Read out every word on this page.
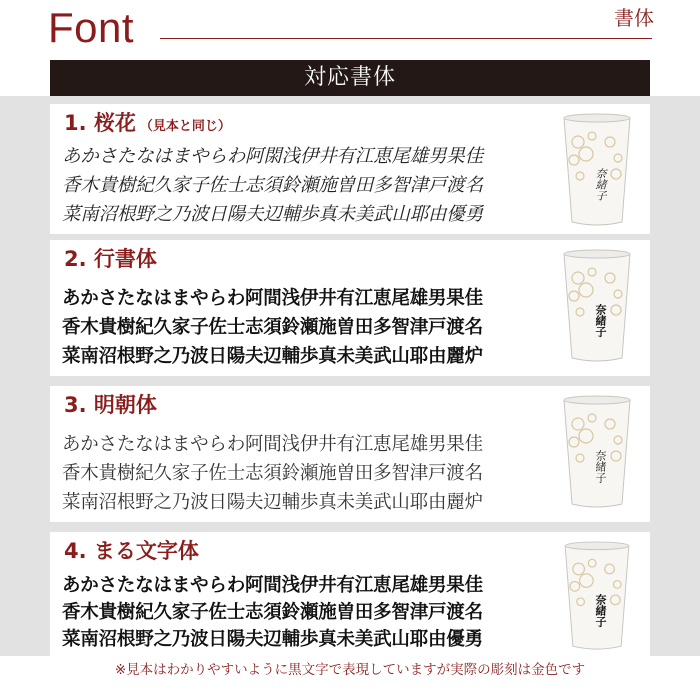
Font	書体
対応書体
1. 桜花 （見本と同じ）
あかさたなはまやらわ阿閖浅伊井有江恵尾雄男果佳
香木貴樹紀久家子佐士志須鈴瀬施曽田多智津戸渡名
菜南沼根野之乃波日陽夫辺輔歩真未美武山耶由優勇
奈緒子
2. 行書体
あかさたなはまやらわ阿間浅伊井有江恵尾雄男果佳
香木貴樹紀久家子佐士志須鈴瀬施曽田多智津戸渡名
菜南沼根野之乃波日陽夫辺輔歩真未美武山耶由麗炉
奈緒子
3. 明朝体
あかさたなはまやらわ阿間浅伊井有江恵尾雄男果佳
香木貴樹紀久家子佐士志須鈴瀬施曽田多智津戸渡名
菜南沼根野之乃波日陽夫辺輔歩真未美武山耶由麗炉
奈緒子
4. まる文字体
あかさたなはまやらわ阿間浅伊井有江恵尾雄男果佳
香木貴樹紀久家子佐士志須鈴瀬施曽田多智津戸渡名
菜南沼根野之乃波日陽夫辺輔歩真未美武山耶由優勇
奈緒子
※見本はわかりやすいように黒文字で表現していますが実際の彫刻は金色です
